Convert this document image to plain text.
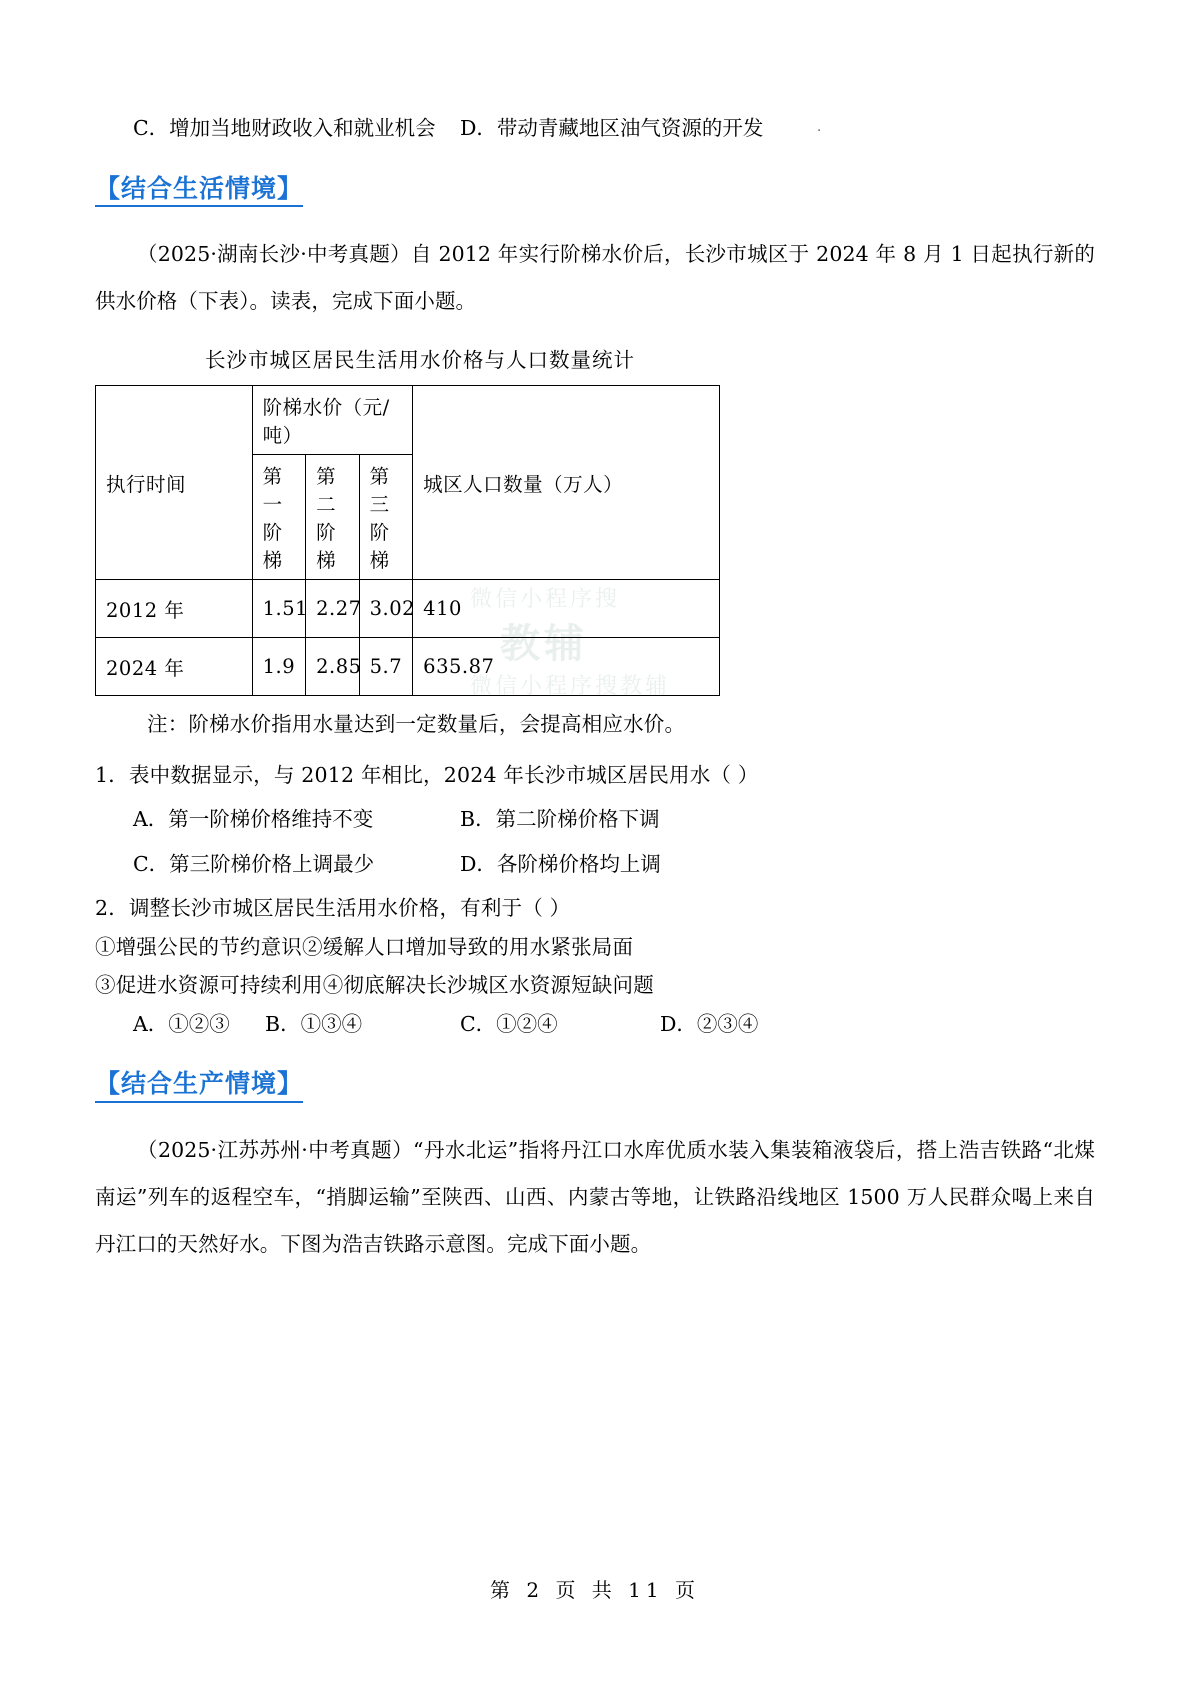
.
微信小程序搜
教辅
微信小程序搜教辅
C．增加当地财政收入和就业机会	D．带动青藏地区油气资源的开发
【结合生活情境】
（2025·湖南长沙·中考真题）自 2012 年实行阶梯水价后，长沙市城区于 2024 年 8 月 1 日起执行新的供水价格（下表）。读表，完成下面小题。
长沙市城区居民生活用水价格与人口数量统计
执行时间	阶梯水价（元/吨）			城区人口数量（万人）
	第一阶梯	第二阶梯	第三阶梯	
2012 年	1.51	2.27	3.02	410
2024 年	1.9	2.85	5.7	635.87
注：阶梯水价指用水量达到一定数量后，会提高相应水价。
1．表中数据显示，与 2012 年相比，2024 年长沙市城区居民用水（ ）
A．第一阶梯价格维持不变	B．第二阶梯价格下调
C．第三阶梯价格上调最少	D．各阶梯价格均上调
2．调整长沙市城区居民生活用水价格，有利于（ ）
①增强公民的节约意识②缓解人口增加导致的用水紧张局面
③促进水资源可持续利用④彻底解决长沙城区水资源短缺问题
A．①②③	B．①③④	C．①②④	D．②③④
【结合生产情境】
（2025·江苏苏州·中考真题）“丹水北运”指将丹江口水库优质水装入集装箱液袋后，搭上浩吉铁路“北煤南运”列车的返程空车，“捎脚运输”至陕西、山西、内蒙古等地，让铁路沿线地区 1500 万人民群众喝上来自丹江口的天然好水。下图为浩吉铁路示意图。完成下面小题。
第 2 页 共 11 页
